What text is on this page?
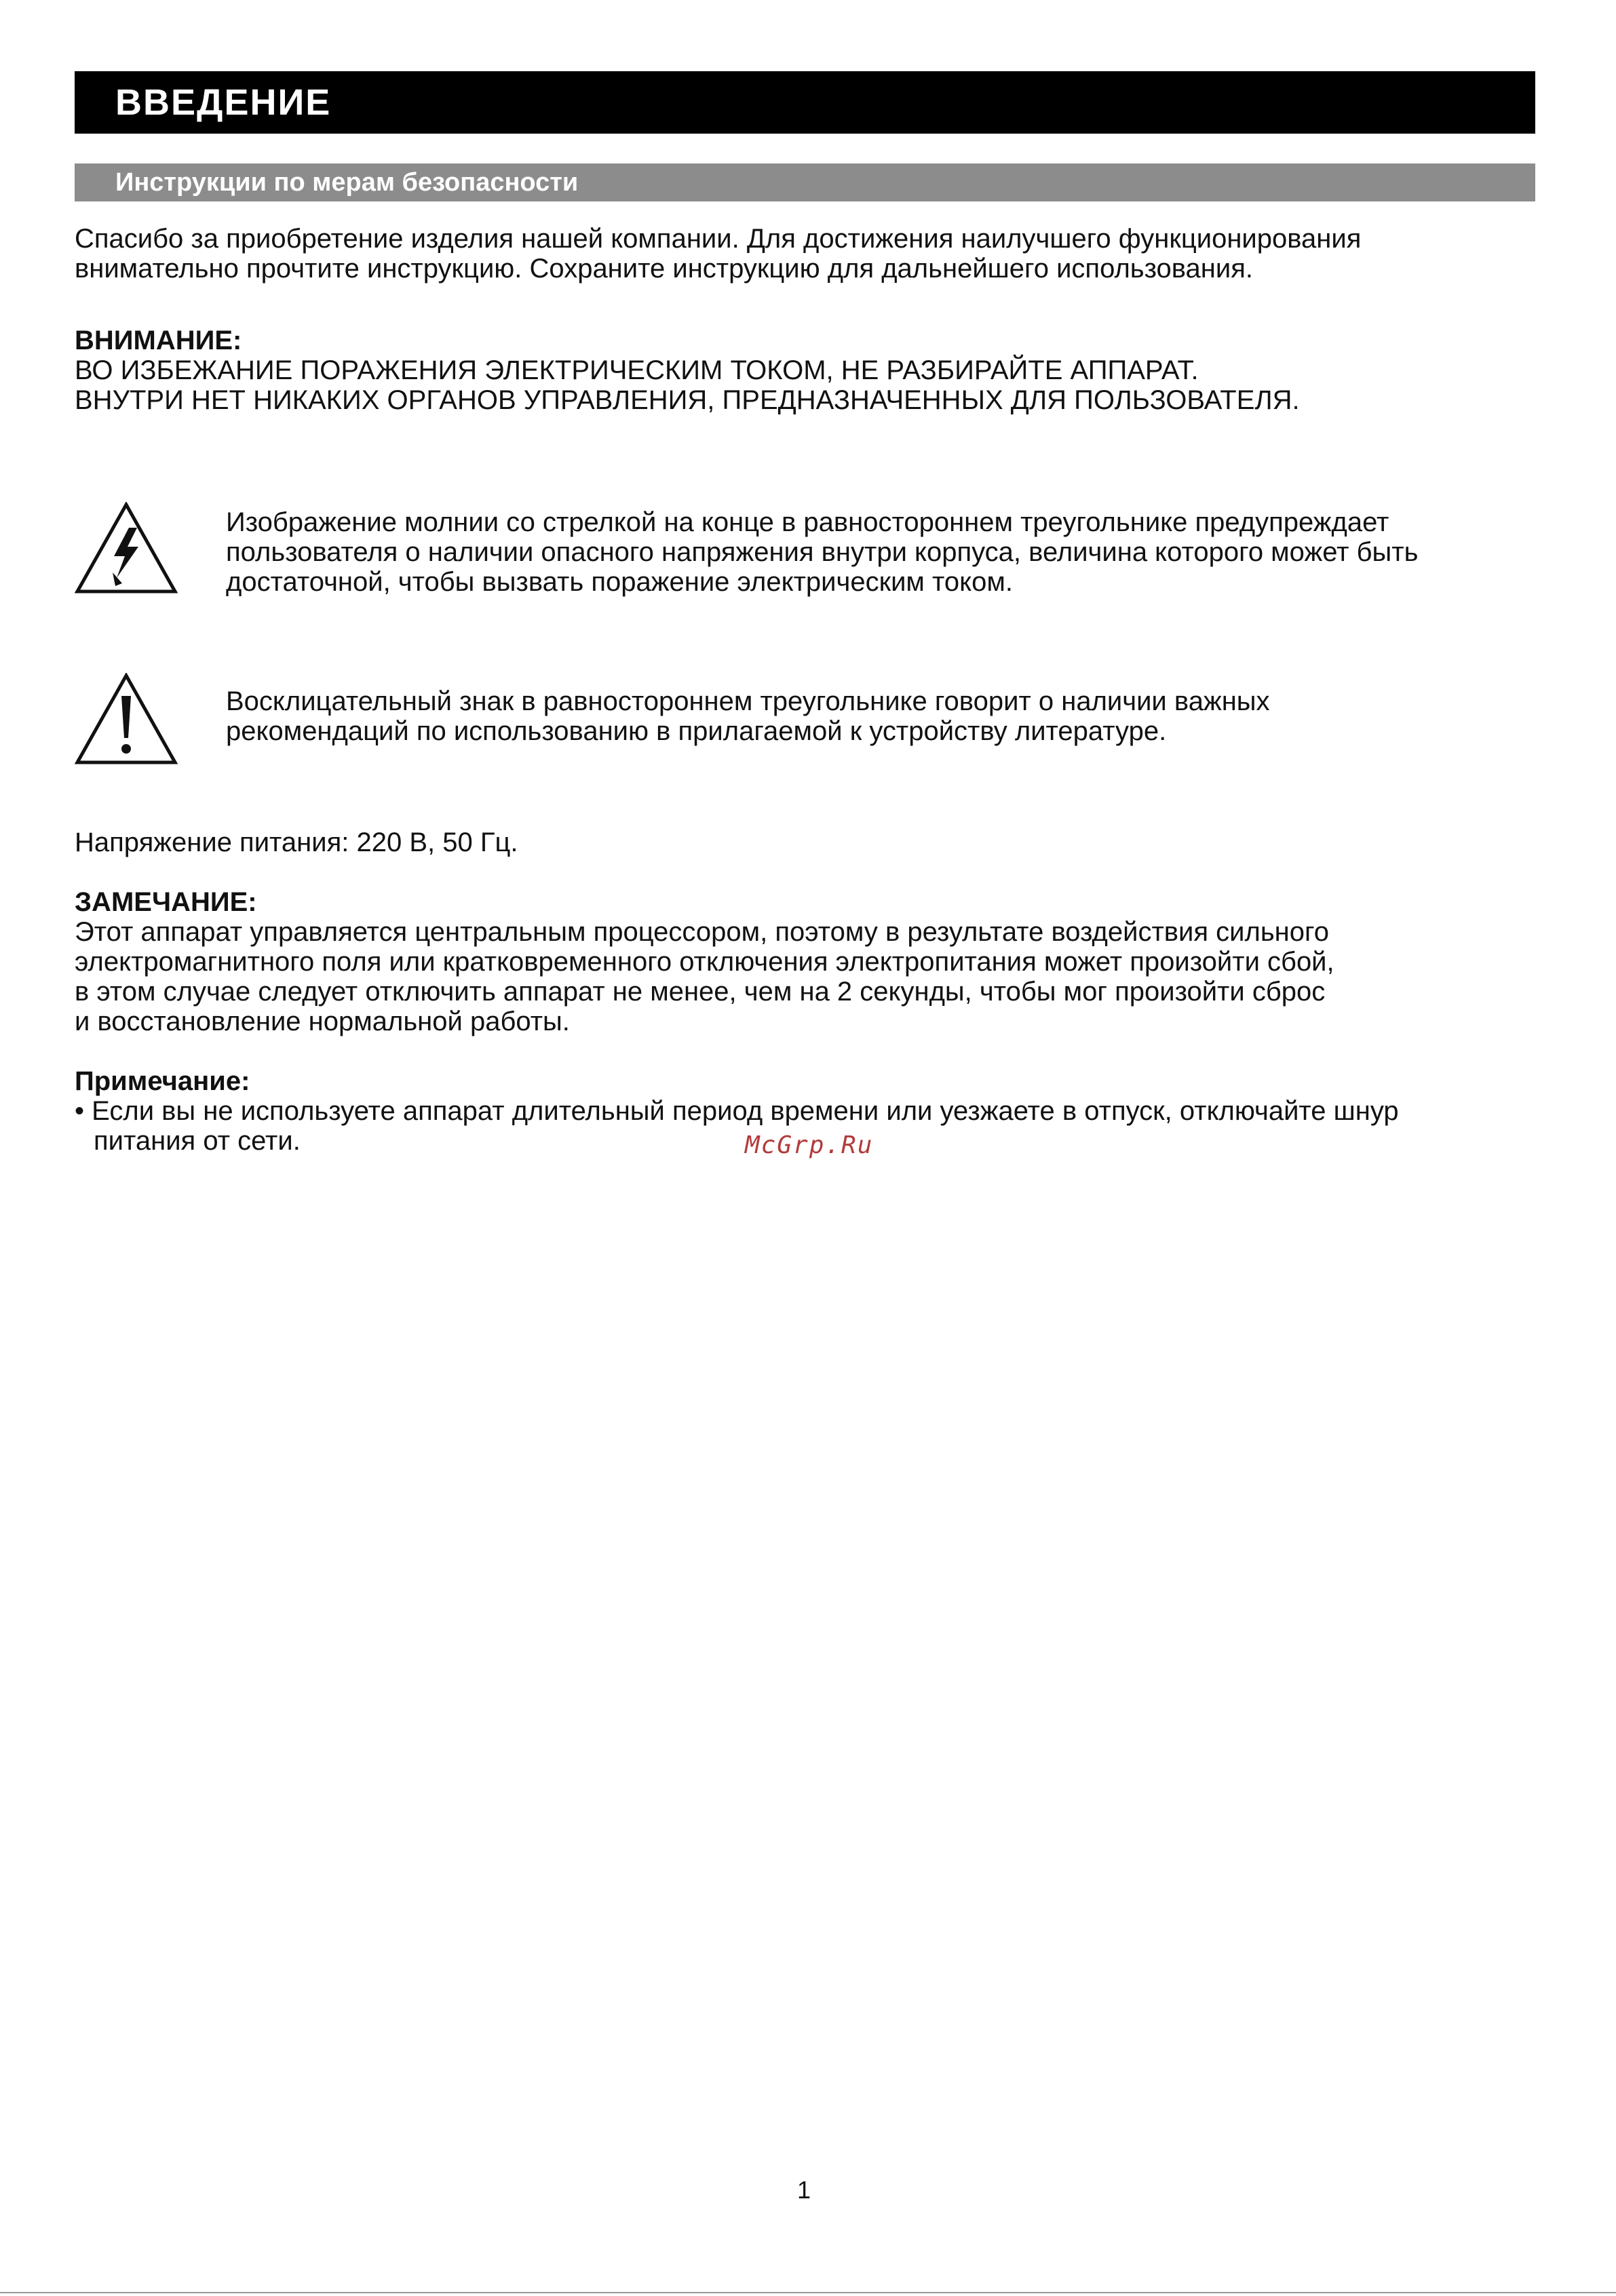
ВВЕДЕНИЕ
Инструкции по мерам безопасности
Спасибо за приобретение изделия нашей компании. Для достижения наилучшего функционирования
внимательно прочтите инструкцию. Сохраните инструкцию для дальнейшего использования.
ВНИМАНИЕ:
ВО ИЗБЕЖАНИЕ ПОРАЖЕНИЯ ЭЛЕКТРИЧЕСКИМ ТОКОМ, НЕ РАЗБИРАЙТЕ АППАРАТ.
ВНУТРИ НЕТ НИКАКИХ ОРГАНОВ УПРАВЛЕНИЯ, ПРЕДНАЗНАЧЕННЫХ ДЛЯ ПОЛЬЗОВАТЕЛЯ.
Изображение молнии со стрелкой на конце в равностороннем треугольнике предупреждает
пользователя о наличии опасного напряжения внутри корпуса, величина которого может быть
достаточной, чтобы вызвать поражение электрическим током.
Восклицательный знак в равностороннем треугольнике говорит о наличии важных
рекомендаций по использованию в прилагаемой к устройству литературе.
Напряжение питания: 220 В, 50 Гц.
ЗАМЕЧАНИЕ:
Этот аппарат управляется центральным процессором, поэтому в результате воздействия сильного
электромагнитного поля или кратковременного отключения электропитания может произойти сбой,
в этом случае следует отключить аппарат не менее, чем на 2 секунды, чтобы мог произойти сброс
и восстановление нормальной работы.
Примечание:
• Если вы не используете аппарат длительный период времени или уезжаете в отпуск, отключайте шнур
питания от сети.	McGrp.Ru
1
